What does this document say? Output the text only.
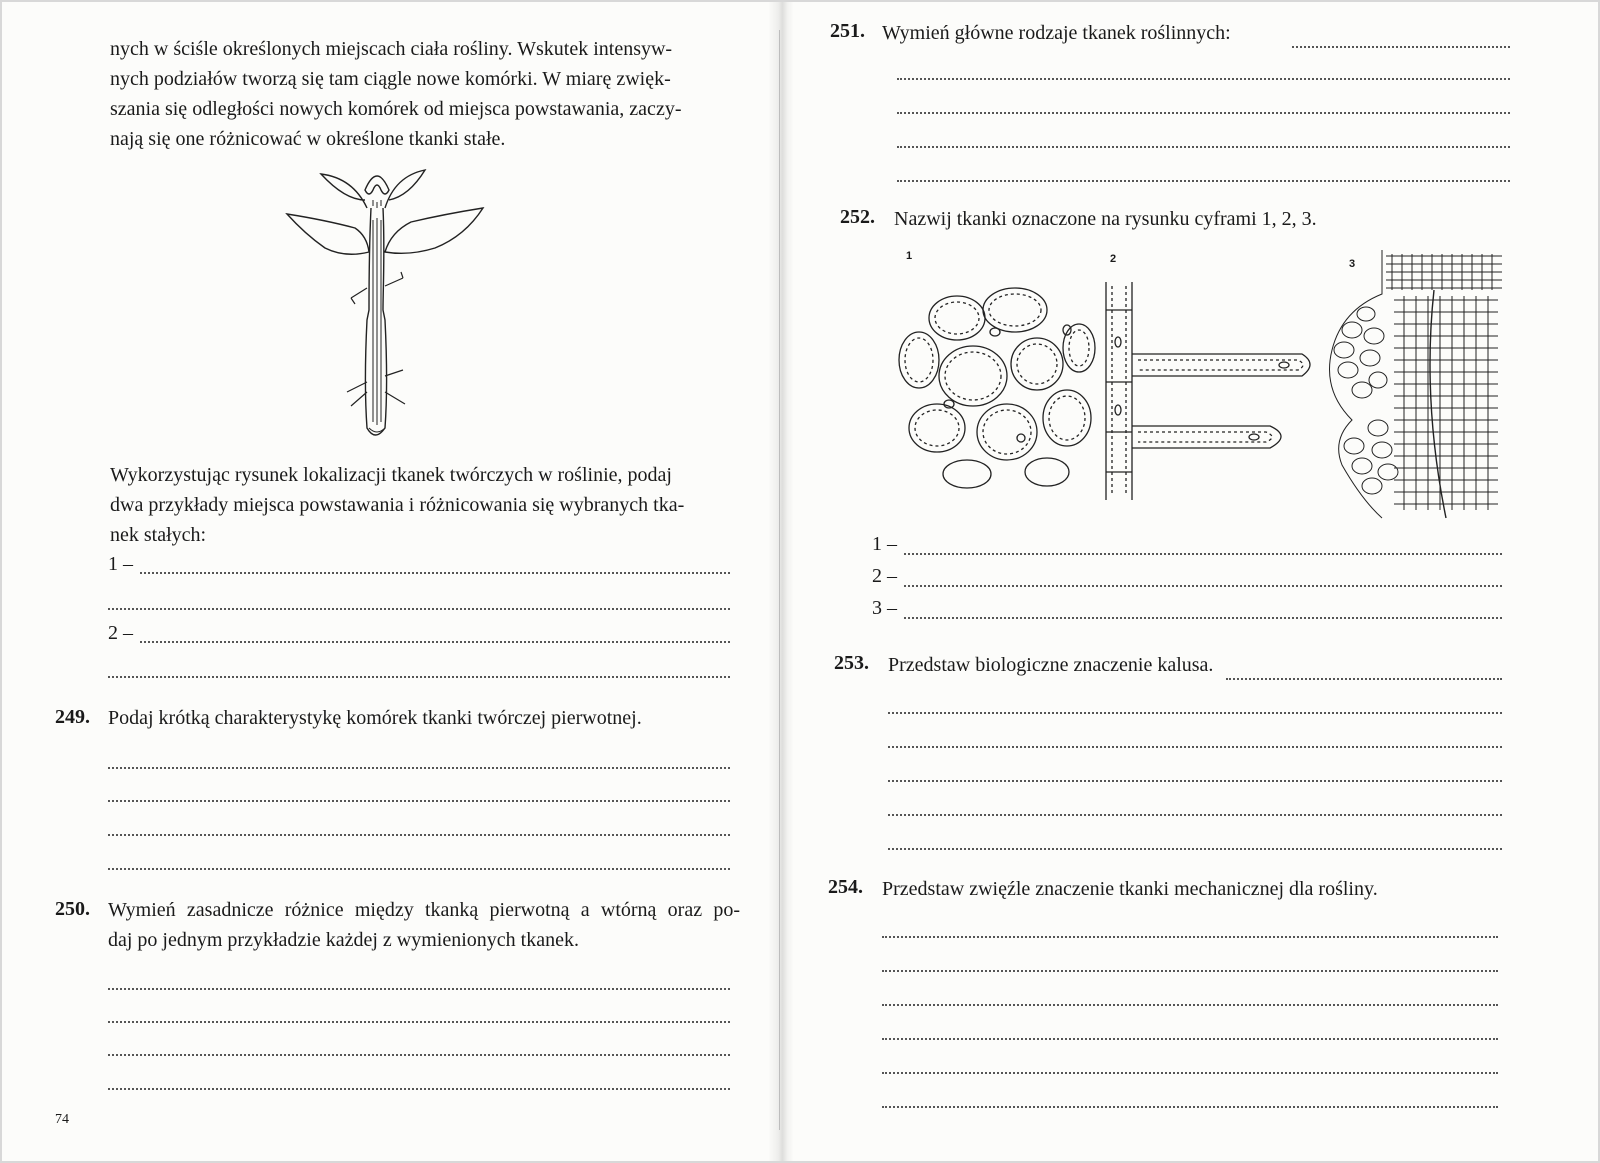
nych w ściśle określonych miejscach ciała rośliny. Wskutek intensyw-
nych podziałów tworzą się tam ciągle nowe komórki. W miarę zwięk-
szania się odległości nowych komórek od miejsca powstawania, zaczy-
nają się one różnicować w określone tkanki stałe.
Wykorzystując rysunek lokalizacji tkanek twórczych w roślinie, podaj
dwa przykłady miejsca powstawania i różnicowania się wybranych tka-
nek stałych:
1 –
2 –
249. Podaj krótką charakterystykę komórek tkanki twórczej pierwotnej.
250. Wymień zasadnicze różnice między tkanką pierwotną a wtórną oraz po-
daj po jednym przykładzie każdej z wymienionych tkanek.
74
251. Wymień główne rodzaje tkanek roślinnych:
252. Nazwij tkanki oznaczone na rysunku cyframi 1, 2, 3.
1	2	3
1 –
2 –
3 –
253. Przedstaw biologiczne znaczenie kalusa.
254. Przedstaw zwięźle znaczenie tkanki mechanicznej dla rośliny.
